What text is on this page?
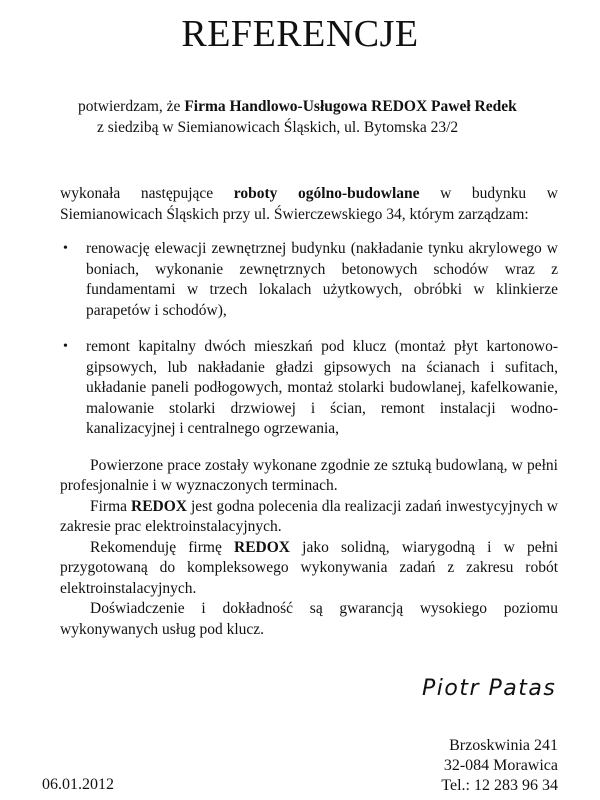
REFERENCJE
potwierdzam, że Firma Handlowo-Usługowa REDOX Paweł Redek
z siedzibą w Siemianowicach Śląskich, ul. Bytomska 23/2

wykonała następujące roboty ogólno-budowlane w budynku w Siemianowicach Śląskich przy ul. Świerczewskiego 34, którym zarządzam:

• renowację elewacji zewnętrznej budynku (nakładanie tynku akrylowego w boniach, wykonanie zewnętrznych betonowych schodów wraz z fundamentami w trzech lokalach użytkowych, obróbki w klinkierze parapetów i schodów),
• remont kapitalny dwóch mieszkań pod klucz (montaż płyt kartonowo-gipsowych, lub nakładanie gładzi gipsowych na ścianach i sufitach, układanie paneli podłogowych, montaż stolarki budowlanej, kafelkowanie, malowanie stolarki drzwiowej i ścian, remont instalacji wodno-kanalizacyjnej i centralnego ogrzewania,

Powierzone prace zostały wykonane zgodnie ze sztuką budowlaną, w pełni profesjonalnie i w wyznaczonych terminach.

Firma REDOX jest godna polecenia dla realizacji zadań inwestycyjnych w zakresie prac elektroinstalacyjnych.

Rekomenduję firmę REDOX jako solidną, wiarygodną i w pełni przygotowaną do kompleksowego wykonywania zadań z zakresu robót elektroinstalacyjnych.

Doświadczenie i dokładność są gwarancją wysokiego poziomu wykonywanych usług pod klucz.

Piotr Patas
Brzoskwinia 241
32-084 Morawica
Tel.: 12 283 96 34
06.01.2012
